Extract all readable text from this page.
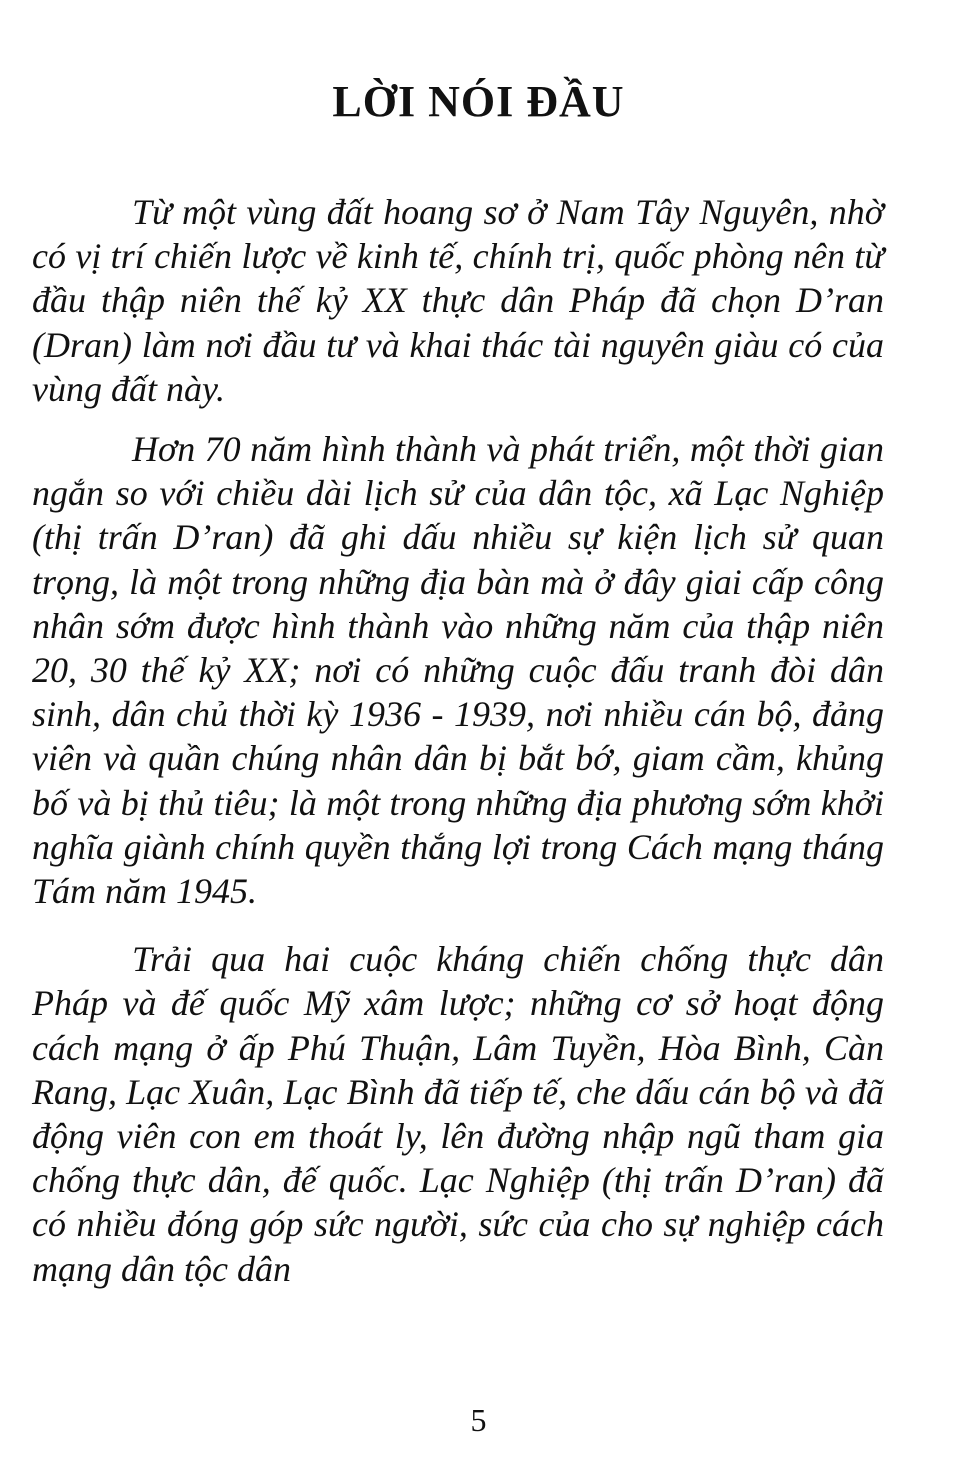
LỜI NÓI ĐẦU

Từ một vùng đất hoang sơ ở Nam Tây Nguyên, nhờ có vị trí chiến lược về kinh tế, chính trị, quốc phòng nên từ đầu thập niên thế kỷ XX thực dân Pháp đã chọn D’ran (Dran) làm nơi đầu tư và khai thác tài nguyên giàu có của vùng đất này.

Hơn 70 năm hình thành và phát triển, một thời gian ngắn so với chiều dài lịch sử của dân tộc, xã Lạc Nghiệp (thị trấn D’ran) đã ghi dấu nhiều sự kiện lịch sử quan trọng, là một trong những địa bàn mà ở đây giai cấp công nhân sớm được hình thành vào những năm của thập niên 20, 30 thế kỷ XX; nơi có những cuộc đấu tranh đòi dân sinh, dân chủ thời kỳ 1936 - 1939, nơi nhiều cán bộ, đảng viên và quần chúng nhân dân bị bắt bớ, giam cầm, khủng bố và bị thủ tiêu; là một trong những địa phương sớm khởi nghĩa giành chính quyền thắng lợi trong Cách mạng tháng Tám năm 1945.

Trải qua hai cuộc kháng chiến chống thực dân Pháp và đế quốc Mỹ xâm lược; những cơ sở hoạt động cách mạng ở ấp Phú Thuận, Lâm Tuyền, Hòa Bình, Càn Rang, Lạc Xuân, Lạc Bình đã tiếp tế, che dấu cán bộ và đã động viên con em thoát ly, lên đường nhập ngũ tham gia chống thực dân, đế quốc. Lạc Nghiệp (thị trấn D’ran) đã có nhiều đóng góp sức người, sức của cho sự nghiệp cách mạng dân tộc dân

5
